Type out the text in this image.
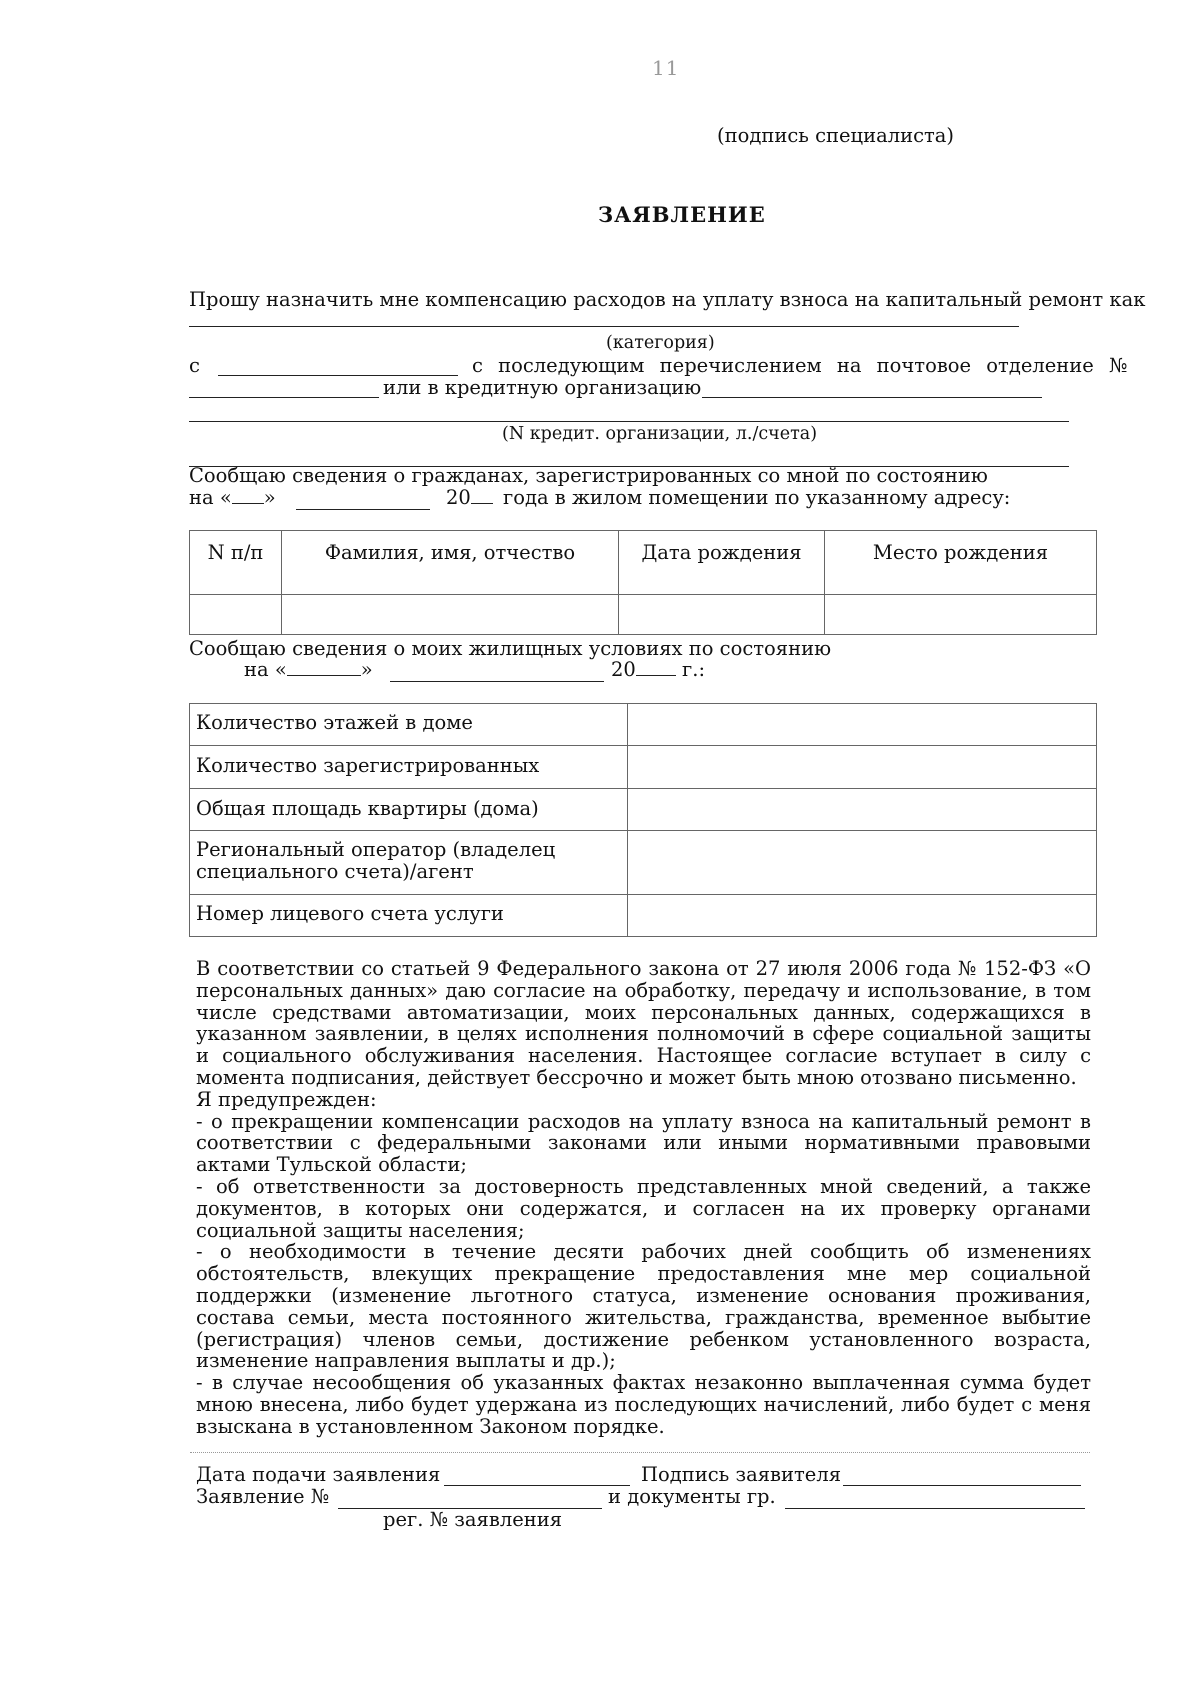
11
(подпись специалиста)
ЗАЯВЛЕНИЕ
Прошу назначить мне компенсацию расходов на уплату взноса на капитальный ремонт как
(категория)
с	с последующим перечислением на почтовое отделение №
или в кредитную организацию
(N кредит. организации, л./счета)
Сообщаю сведения о гражданах, зарегистрированных со мной по состоянию
на « »	20	года в жилом помещении по указанному адресу:
N п/п	Фамилия, имя, отчество	Дата рождения	Место рождения

Сообщаю сведения о моих жилищных условиях по состоянию
на «	»	20 г.:
Количество этажей в доме	
Количество зарегистрированных	
Общая площадь квартиры (дома)	
Региональный оператор (владелец специального счета)/агент	
Номер лицевого счета услуги	

В соответствии со статьей 9 Федерального закона от 27 июля 2006 года № 152-ФЗ «О персональных данных» даю согласие на обработку, передачу и использование, в том числе средствами автоматизации, моих персональных данных, содержащихся в указанном заявлении, в целях исполнения полномочий в сфере социальной защиты и социального обслуживания населения. Настоящее согласие вступает в силу с момента подписания, действует бессрочно и может быть мною отозвано письменно.

Я предупрежден:

- о прекращении компенсации расходов на уплату взноса на капитальный ремонт в соответствии с федеральными законами или иными нормативными правовыми актами Тульской области;

- об ответственности за достоверность представленных мной сведений, а также документов, в которых они содержатся, и согласен на их проверку органами социальной защиты населения;

- о необходимости в течение десяти рабочих дней сообщить об изменениях обстоятельств, влекущих прекращение предоставления мне мер социальной поддержки (изменение льготного статуса, изменение основания проживания, состава семьи, места постоянного жительства, гражданства, временное выбытие (регистрация) членов семьи, достижение ребенком установленного возраста, изменение направления выплаты и др.);

- в случае несообщения об указанных фактах незаконно выплаченная сумма будет мною внесена, либо будет удержана из последующих начислений, либо будет с меня взыскана в установленном Законом порядке.

Дата подачи заявления	Подпись заявителя
Заявление №	и документы гр.
рег. № заявления
